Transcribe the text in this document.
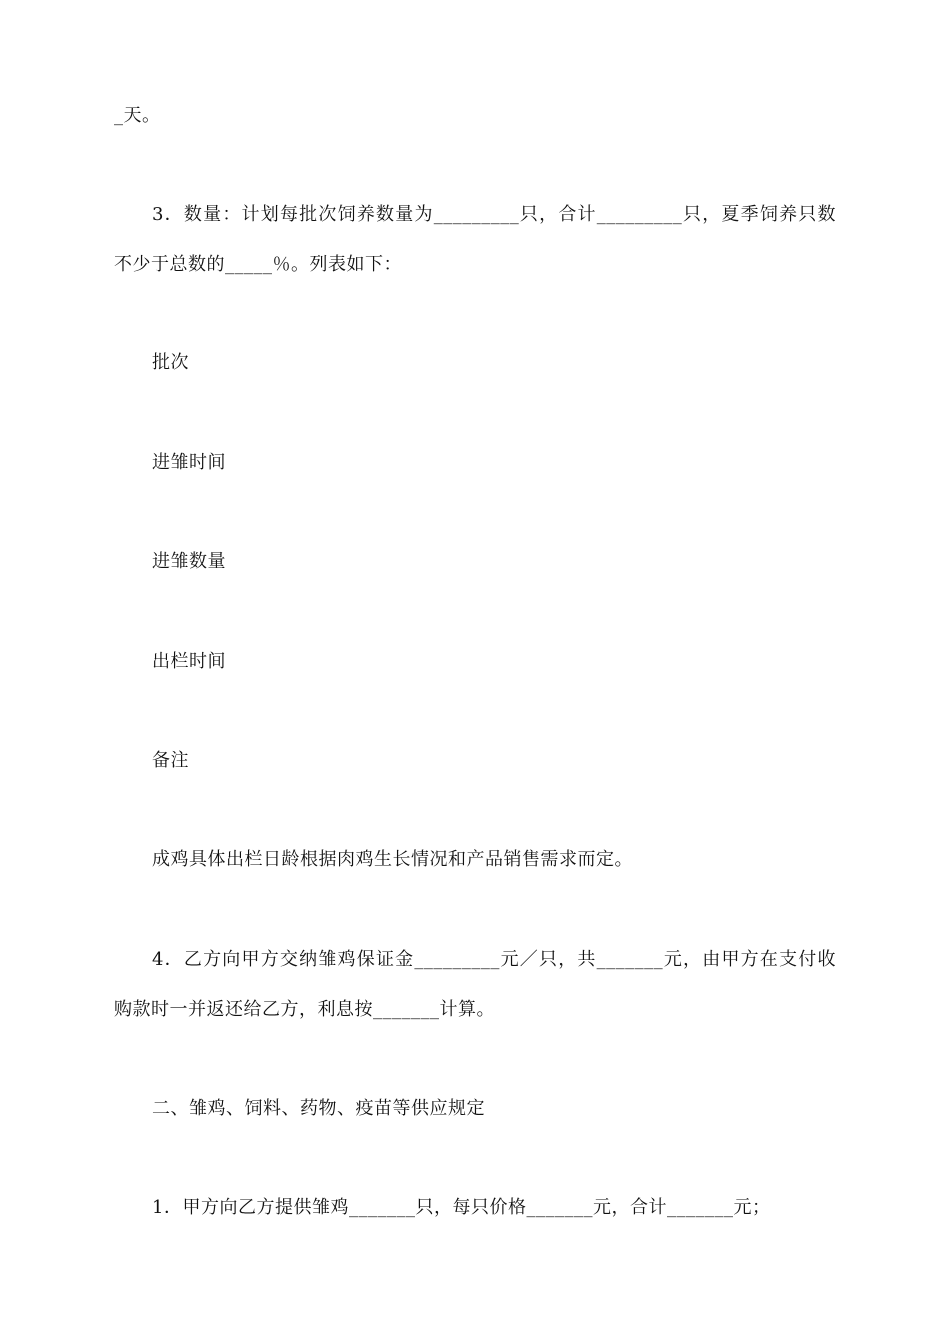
_天。

3．数量：计划每批次饲养数量为_________只，合计_________只，夏季饲养只数

不少于总数的_____％。列表如下：

批次

进雏时间

进雏数量

出栏时间

备注

成鸡具体出栏日龄根据肉鸡生长情况和产品销售需求而定。

4．乙方向甲方交纳雏鸡保证金_________元／只，共_______元，由甲方在支付收

购款时一并返还给乙方，利息按_______计算。

二、雏鸡、饲料、药物、疫苗等供应规定

1．甲方向乙方提供雏鸡_______只，每只价格_______元，合计_______元；
